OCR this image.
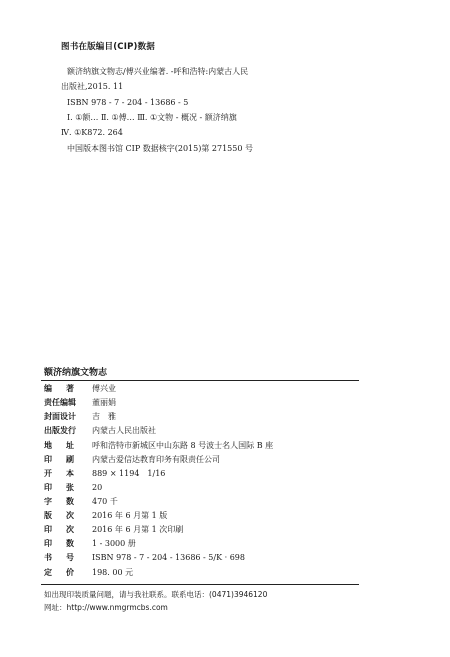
图书在版编目(CIP)数据
额济纳旗文物志/傅兴业编著. -呼和浩特:内蒙古人民
出版社,2015. 11
ISBN 978 - 7 - 204 - 13686 - 5
Ⅰ. ①额… Ⅱ. ①傅… Ⅲ. ①文物 - 概况 - 额济纳旗
Ⅳ. ①K872. 264
中国版本图书馆 CIP 数据核字(2015)第 271550 号
额济纳旗文物志
编　著 傅兴业
责任编辑	董丽娟
封面设计	吉　雅
出版发行	内蒙古人民出版社
地　址 呼和浩特市新城区中山东路 8 号波士名人国际 B 座
印　刷 内蒙古爱信达教育印务有限责任公司
开　本 889 × 1194　1/16
印　张 20
字　数 470 千
版　次 2016 年 6 月第 1 版
印　次 2016 年 6 月第 1 次印刷
印　数 1 - 3000 册
书　号 ISBN 978 - 7 - 204 - 13686 - 5/K · 698
定　价 198. 00 元
如出现印装质量问题，请与我社联系。联系电话：(0471)3946120
网址：http://www.nmgrmcbs.com
